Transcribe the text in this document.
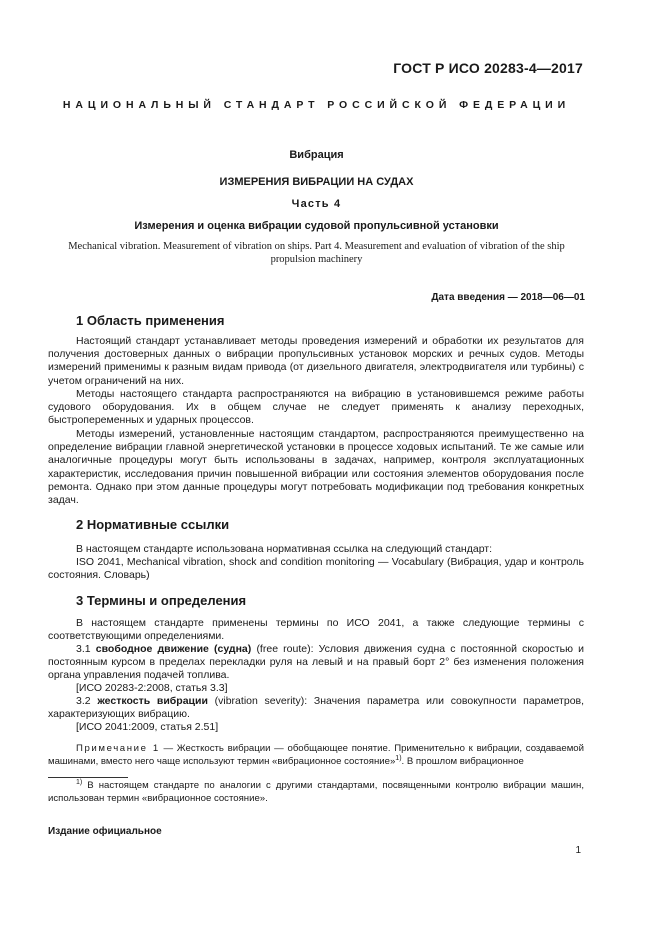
ГОСТ Р ИСО 20283-4—2017
НАЦИОНАЛЬНЫЙ СТАНДАРТ РОССИЙСКОЙ ФЕДЕРАЦИИ
Вибрация
ИЗМЕРЕНИЯ ВИБРАЦИИ НА СУДАХ
Часть 4
Измерения и оценка вибрации судовой пропульсивной установки
Mechanical vibration. Measurement of vibration on ships. Part 4. Measurement and evaluation of vibration of the ship propulsion machinery
Дата введения — 2018—06—01
1 Область применения
Настоящий стандарт устанавливает методы проведения измерений и обработки их результатов для получения достоверных данных о вибрации пропульсивных установок морских и речных судов. Методы измерений применимы к разным видам привода (от дизельного двигателя, электродвигателя или турбины) с учетом ограничений на них.
Методы настоящего стандарта распространяются на вибрацию в установившемся режиме работы судового оборудования. Их в общем случае не следует применять к анализу переходных, быстропеременных и ударных процессов.
Методы измерений, установленные настоящим стандартом, распространяются преимущественно на определение вибрации главной энергетической установки в процессе ходовых испытаний. Те же самые или аналогичные процедуры могут быть использованы в задачах, например, контроля эксплуатационных характеристик, исследования причин повышенной вибрации или состояния элементов оборудования после ремонта. Однако при этом данные процедуры могут потребовать модификации под требования конкретных задач.
2 Нормативные ссылки
В настоящем стандарте использована нормативная ссылка на следующий стандарт:
ISO 2041, Mechanical vibration, shock and condition monitoring — Vocabulary (Вибрация, удар и контроль состояния. Словарь)
3 Термины и определения
В настоящем стандарте применены термины по ИСО 2041, а также следующие термины с соответствующими определениями.
3.1 свободное движение (судна) (free route): Условия движения судна с постоянной скоростью и постоянным курсом в пределах перекладки руля на левый и на правый борт 2° без изменения положения органа управления подачей топлива.
[ИСО 20283-2:2008, статья 3.3]
3.2 жесткость вибрации (vibration severity): Значения параметра или совокупности параметров, характеризующих вибрацию.
[ИСО 2041:2009, статья 2.51]
Примечание 1 — Жесткость вибрации — обобщающее понятие. Применительно к вибрации, создаваемой машинами, вместо него чаще используют термин «вибрационное состояние»$^{1)}$. В прошлом вибрационное
$^{1)}$ В настоящем стандарте по аналогии с другими стандартами, посвященными контролю вибрации машин, использован термин «вибрационное состояние».
Издание официальное
1
